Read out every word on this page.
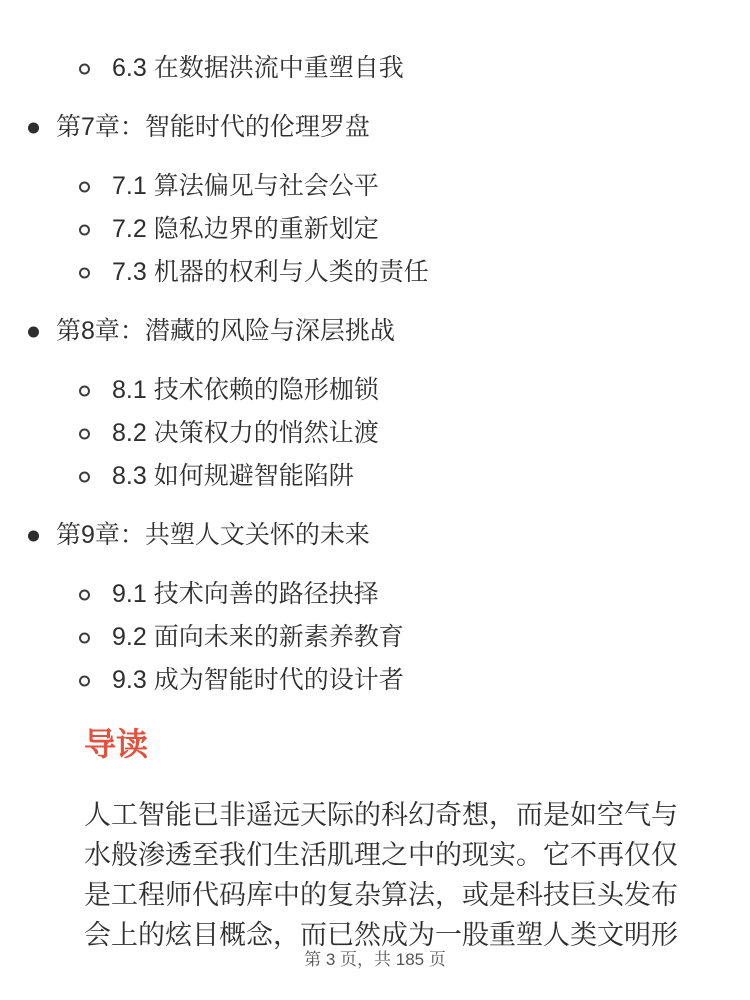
6.3 在数据洪流中重塑自我
第7章：智能时代的伦理罗盘
7.1 算法偏见与社会公平
7.2 隐私边界的重新划定
7.3 机器的权利与人类的责任
第8章：潜藏的风险与深层挑战
8.1 技术依赖的隐形枷锁
8.2 决策权力的悄然让渡
8.3 如何规避智能陷阱
第9章：共塑人文关怀的未来
9.1 技术向善的路径抉择
9.2 面向未来的新素养教育
9.3 成为智能时代的设计者
导读

人工智能已非遥远天际的科幻奇想，而是如空气与水般渗透至我们生活肌理之中的现实。它不再仅仅是工程师代码库中的复杂算法，或是科技巨头发布会上的炫目概念，而已然成为一股重塑人类文明形

第 3 页，共 185 页
